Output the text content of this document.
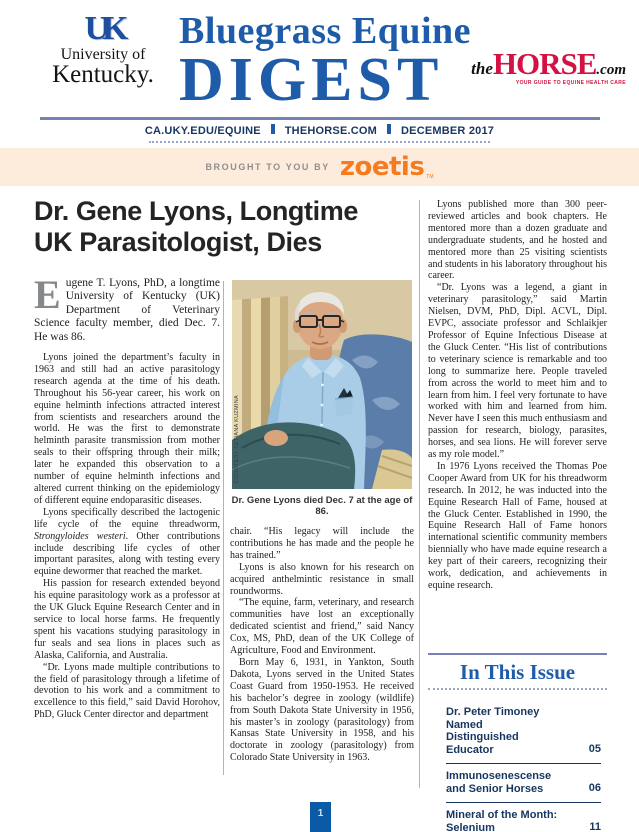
UK
University of
Kentucky.
Bluegrass Equine
DIGEST	the HORSE .com
YOUR GUIDE TO EQUINE HEALTH CARE
CA.UKY.EDU/EQUINE THEHORSE.COM DECEMBER 2017
BROUGHT TO YOU BY zoetis TM
Dr. Gene Lyons, Longtime
UK Parasitologist, Dies
Eugene T. Lyons, PhD, a longtime University of Kentucky (UK) Department of Veterinary Science faculty member, died Dec. 7. He was 86.

Lyons joined the department’s faculty in 1963 and still had an active parasitology research agenda at the time of his death. Throughout his 56-year career, his work on equine helminth infections attracted interest from scientists and researchers around the world. He was the first to demonstrate helminth parasite transmission from mother seals to their offspring through their milk; later he expanded this observation to a number of equine helminth infections and altered current thinking on the epidemiology of different equine endoparasitic diseases.

Lyons specifically described the lactogenic life cycle of the equine threadworm, Strongyloides westeri. Other contributions include describing life cycles of other important parasites, along with testing every equine dewormer that reached the market.

His passion for research extended beyond his equine parasitology work as a professor at the UK Gluck Equine Research Center and in service to local horse farms. He frequently spent his vacations studying parasitology in fur seals and sea lions in places such as Alaska, California, and Australia.

“Dr. Lyons made multiple contributions to the field of parasitology through a lifetime of devotion to his work and a commitment to excellence to this field,” said David Horohov, PhD, Gluck Center director and department

COURTESY TETIANA KUZMINA
Dr. Gene Lyons died Dec. 7 at the age of 86.

chair. “His legacy will include the contributions he has made and the people he has trained.”

Lyons is also known for his research on acquired anthelmintic resistance in small roundworms.

“The equine, farm, veterinary, and research communities have lost an exceptionally dedicated scientist and friend,” said Nancy Cox, MS, PhD, dean of the UK College of Agriculture, Food and Environment.

Born May 6, 1931, in Yankton, South Dakota, Lyons served in the United States Coast Guard from 1950-1953. He received his bachelor’s degree in zoology (wildlife) from South Dakota State University in 1956, his master’s in zoology (parasitology) from Kansas State University in 1958, and his doctorate in zoology (parasitology) from Colorado State University in 1963.

Lyons published more than 300 peer-reviewed articles and book chapters. He mentored more than a dozen graduate and undergraduate students, and he hosted and mentored more than 25 visiting scientists and students in his laboratory throughout his career.

“Dr. Lyons was a legend, a giant in veterinary parasitology,” said Martin Nielsen, DVM, PhD, Dipl. ACVL, Dipl. EVPC, associate professor and Schlaikjer Professor of Equine Infectious Disease at the Gluck Center. “His list of contributions to veterinary science is remarkable and too long to summarize here. People traveled from across the world to meet him and to learn from him. I feel very fortunate to have worked with him and learned from him. Never have I seen this much enthusiasm and passion for research, biology, parasites, horses, and sea lions. He will forever serve as my role model.”

In 1976 Lyons received the Thomas Poe Cooper Award from UK for his threadworm research. In 2012, he was inducted into the Equine Research Hall of Fame, housed at the Gluck Center. Established in 1990, the Equine Research Hall of Fame honors international scientific community members biennially who have made equine research a key part of their careers, recognizing their work, dedication, and achievements in equine research.

In This Issue
Dr. Peter Timoney Named Distinguished Educator	05
Immunosenescense and Senior Horses	06
Mineral of the Month: Selenium	11
1
